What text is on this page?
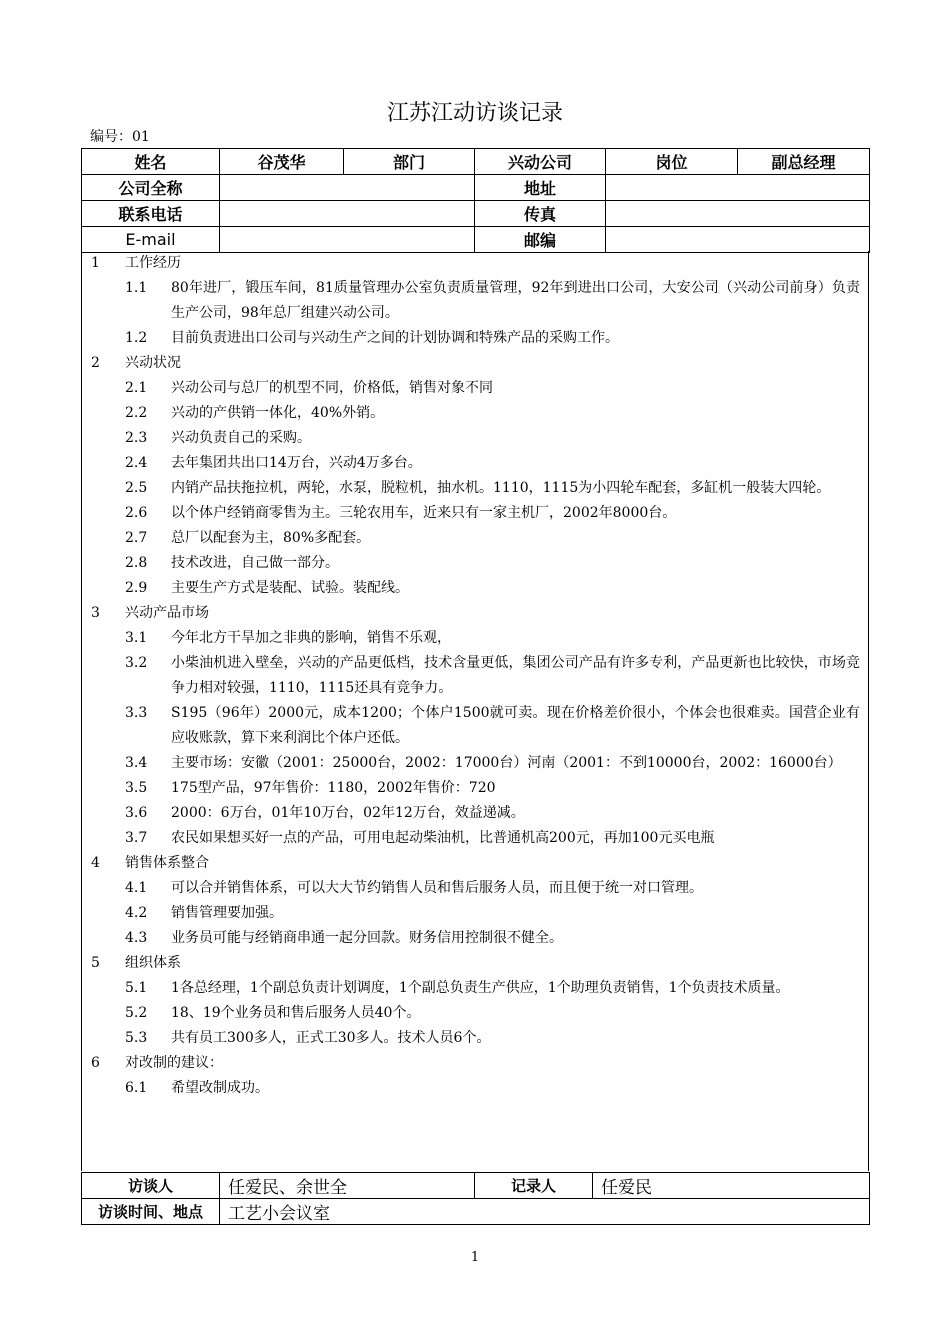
江苏江动访谈记录
编号：01
姓名	谷茂华	部门	兴动公司	岗位	副总经理
公司全称			地址		
联系电话			传真		
E-mail			邮编		
1 工作经历
1.1 80年进厂，锻压车间，81质量管理办公室负责质量管理，92年到进出口公司，大安公司（兴动公司前身）负责生产公司，98年总厂组建兴动公司。
1.2 目前负责进出口公司与兴动生产之间的计划协调和特殊产品的采购工作。
2 兴动状况
2.1 兴动公司与总厂的机型不同，价格低，销售对象不同
2.2 兴动的产供销一体化，40%外销。
2.3 兴动负责自己的采购。
2.4 去年集团共出口14万台，兴动4万多台。
2.5 内销产品扶拖拉机，两轮，水泵，脱粒机，抽水机。1110，1115为小四轮车配套，多缸机一般装大四轮。
2.6 以个体户经销商零售为主。三轮农用车，近来只有一家主机厂，2002年8000台。
2.7 总厂以配套为主，80%多配套。
2.8 技术改进，自己做一部分。
2.9 主要生产方式是装配、试验。装配线。
3 兴动产品市场
3.1 今年北方干旱加之非典的影响，销售不乐观，
3.2 小柴油机进入壁垒，兴动的产品更低档，技术含量更低，集团公司产品有许多专利，产品更新也比较快，市场竞争力相对较强，1110，1115还具有竞争力。
3.3 S195（96年）2000元，成本1200；个体户1500就可卖。现在价格差价很小，个体会也很难卖。国营企业有应收账款，算下来利润比个体户还低。
3.4 主要市场：安徽（2001：25000台，2002：17000台）河南（2001：不到10000台，2002：16000台）
3.5 175型产品，97年售价：1180，2002年售价：720
3.6 2000：6万台，01年10万台，02年12万台，效益递减。
3.7 农民如果想买好一点的产品，可用电起动柴油机，比普通机高200元，再加100元买电瓶
4 销售体系整合
4.1 可以合并销售体系，可以大大节约销售人员和售后服务人员，而且便于统一对口管理。
4.2 销售管理要加强。
4.3 业务员可能与经销商串通一起分回款。财务信用控制很不健全。
5 组织体系
5.1 1各总经理，1个副总负责计划调度，1个副总负责生产供应，1个助理负责销售，1个负责技术质量。
5.2 18、19个业务员和售后服务人员40个。
5.3 共有员工300多人，正式工30多人。技术人员6个。
6 对改制的建议：
6.1 希望改制成功。
访谈人	任爱民、余世全	记录人	任爱民
访谈时间、地点	工艺小会议室		
1
